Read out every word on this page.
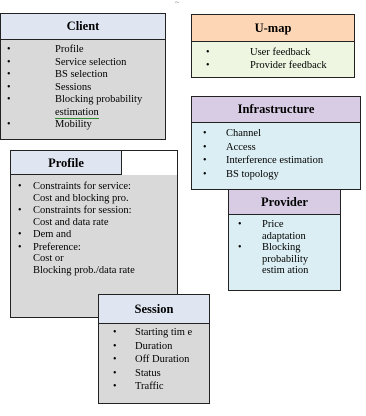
~
Client
• Profile
• Service selection
• BS selection
• Sessions
• Blocking probability
estimation
• Mobility
U-map
• User feedback
• Provider feedback
Infrastructure
• Channel
• Access
• Interference estimation
• BS topology
Provider
• Price
adaptation
• Blocking
probability
estim ation
• Constraints for service:
Cost and blocking pro.
• Constraints for session:
Cost and data rate
• Dem and
• Preference:
Cost or
Blocking prob./data rate
Profile
Session
• Starting tim e
• Duration
• Off Duration
• Status
• Traffic
